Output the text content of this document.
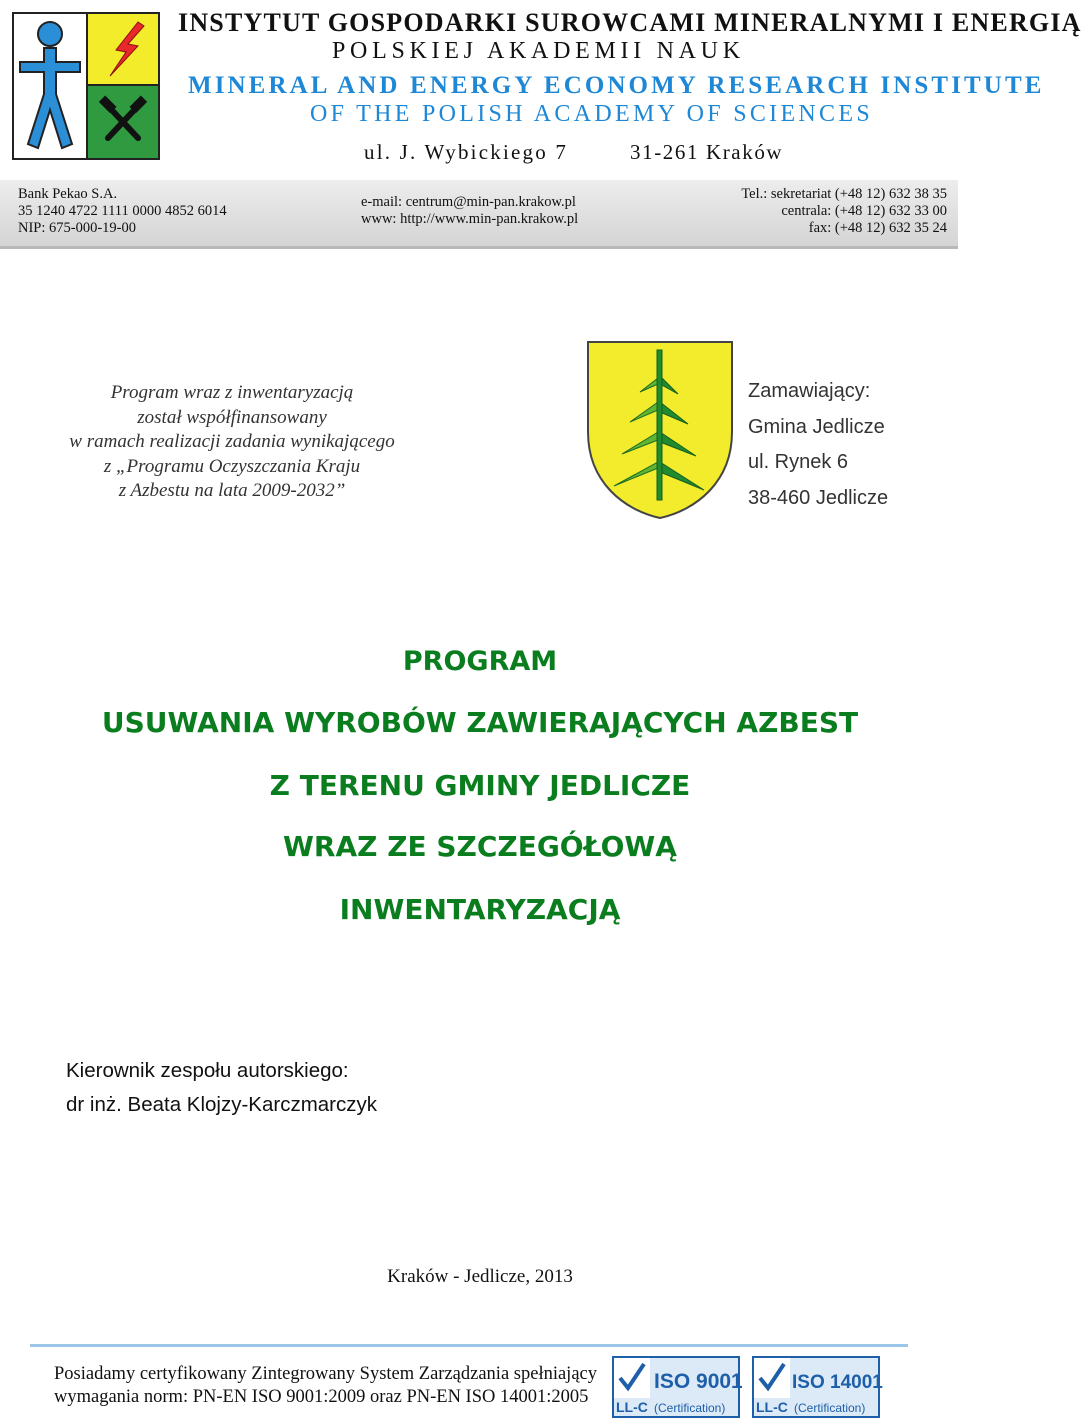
INSTYTUT GOSPODARKI SUROWCAMI MINERALNYMI I ENERGIĄ
POLSKIEJ AKADEMII NAUK
MINERAL AND ENERGY ECONOMY RESEARCH INSTITUTE
OF THE POLISH ACADEMY OF SCIENCES
ul. J. Wybickiego 7	31-261 Kraków
Bank Pekao S.A.
35 1240 4722 1111 0000 4852 6014
NIP: 675-000-19-00
e-mail: centrum@min-pan.krakow.pl
www: http://www.min-pan.krakow.pl
Tel.: sekretariat (+48 12) 632 38 35
centrala: (+48 12) 632 33 00
fax: (+48 12) 632 35 24
Program wraz z inwentaryzacją
został współfinansowany
w ramach realizacji zadania wynikającego
z „Programu Oczyszczania Kraju
z Azbestu na lata 2009-2032”
Zamawiający:
Gmina Jedlicze
ul. Rynek 6
38-460 Jedlicze
PROGRAM
USUWANIA WYROBÓW ZAWIERAJĄCYCH AZBEST
Z TERENU GMINY JEDLICZE
WRAZ ZE SZCZEGÓŁOWĄ
INWENTARYZACJĄ
Kierownik zespołu autorskiego:
dr inż. Beata Klojzy-Karczmarczyk
Kraków - Jedlicze, 2013
Posiadamy certyfikowany Zintegrowany System Zarządzania spełniający
wymagania norm: PN-EN ISO 9001:2009 oraz PN-EN ISO 14001:2005
ISO 9001
LL-C (Certification)
ISO 14001
LL-C (Certification)
